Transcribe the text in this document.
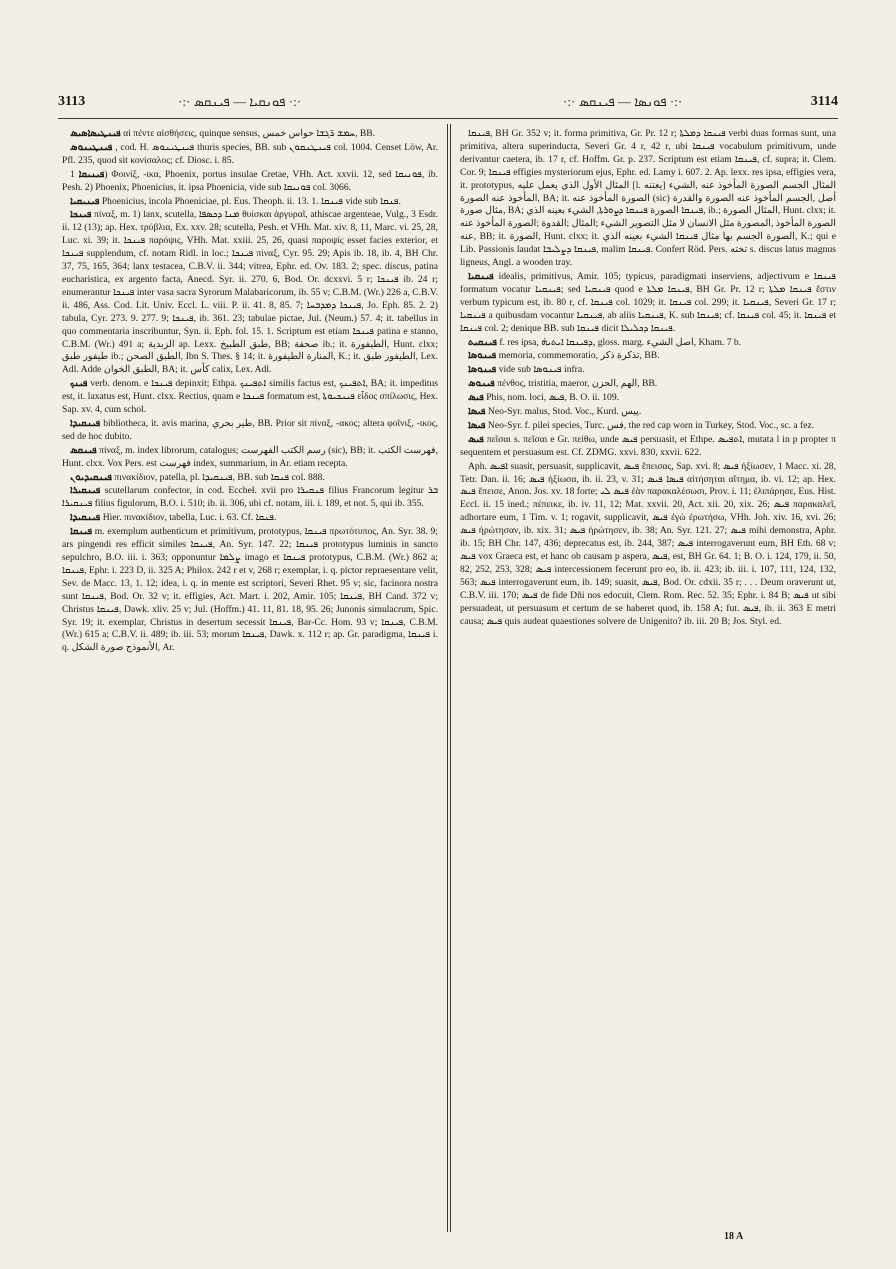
3113	·:· ܦܘܢܩܝܐ — ܦܝܢܩܣ ·:·	·:· ܦܘܢܣܐ — ܦܝܢܩܣ ·:·	3114

ܦܝܢܛܝܣܐܣܝܣ αἱ πέντε αἰσθήσεις, quinque sensus, ܚܡܫ ܪ̈ܓܫܐ ‏حواس خمس‎, BB.

ܦܝܢܛܝܢܘܣ , cod. H. ܦܝܢܛܝܢܘܣ thuris species, BB. sub ܦܝܢܛܢܩܘܢ col. 1004. Censet Löw, Ar. Pfl. 235, quod sit κονίσαλος; cf. Diosc. i. 85.

ܦܝܢܝܩܐ 1) Φοινίξ, -ικα, Phoenix, portus insulae Cretae, VHh. Act. xxvii. 12, sed ܦܘܢܝܩܐ, ib. Pesh. 2) Phoenix, Phoenicius, it. ipsa Phoenicia, vide sub ܦܘܢܝܩܐ col. 3066.

ܦܝܢܝܩܝܐ Phoenicius, incola Phoeniciae, pl. Eus. Theoph. ii. 13. 1. ܦܝܢܩܐ vide sub ܦܢܩܐ.

ܦܝܢܟܐ πίναξ, m. 1) lanx, scutella, ܡܢܐ ܕܟܣܦܐ θυίσκαι ἀργυραῖ, athiscae argenteae, Vulg., 3 Esdr. ii. 12 (13); ap. Hex. τρύβλια, Ex. xxv. 28; scutella, Pesh. et VHh. Mat. xiv. 8, 11, Marc. vi. 25, 28, Luc. xi. 39; it. ܦܝܢܟܐ παρόψις, VHh. Mat. xxiii. 25, 26, quasi παροψίς esset facies exterior, et ܦܝܢܟܐ supplendum, cf. notam Ridl. in loc.; ܦܝܢܟܐ πίναξ, Cyr. 95. 29; Apis ib. 18, ib. 4, BH Chr. 37, 75, 165, 364; lanx testacea, C.B.V. ii. 344; vitrea, Ephr. ed. Ov. 183. 2; spec. discus, patina eucharistica, ex argento facta, Anecd. Syr. ii. 270. 6, Bod. Or. dcxxvi. 5 r; ܦܝܢܟܐ ib. 24 r; enumerantur ܦܝܢܟܐ inter vasa sacra Syrorum Malabaricorum, ib. 55 v; C.B.M. (Wr.) 226 a, C.B.V. ii. 486, Ass. Cod. Lit. Univ. Eccl. L. viii. P. ii. 41. 8, 85. 7; ܦܝܢܟܐ ܕܡܕܒܚܐ, Jo. Eph. 85. 2. 2) tabula, Cyr. 273. 9. 277. 9; ܦܝܢܟܐ, ib. 361. 23; tabulae pictae, Jul. (Neum.) 57. 4; it. tabellus in quo commentaria inscribuntur, Syn. ii. Eph. fol. 15. 1. Scriptum est etiam ܦܝܢܟܐ patina e stanno, C.B.M. (Wr.) 491 a; ‏الزبدية‎ ap. Lexx. ‏طبق الطبيخ‎, BB; ‏صحفة‎ ib.; it. ‏الطيفورة‎, Hunt. clxx; ‏طيفور طبق‎ ib.; ‏الطبق الصحن‎, Ibn S. Thes. § 14; it. ‏المنارة الطيفورة‎, K.; it. ‏الطيفور طبق‎, Lex. Adl. Adde ‏الطبق الخوان‎, BA; it. ‏كأس calix‎, Lex. Adl.

ܦܝܢܟ verb. denom. e ܦܝܢܟܐ depinxit; Ethpa. ܐܬܦܝܢܟ similis factus est, ܐܬܦܝܢܟ, BA; it. impeditus est, it. laxatus est, Hunt. clxx. Rectius, quam e ܦܝܢܟܐ formatum est, ܦܝܢܟܝܘܬܐ εἶδος σπίλωσις, Hex. Sap. xv. 4, cum schol.

ܦܝܢܩܝܕܐ bibliotheca, it. avis marina, ‏طير بحري‎, BB. Prior sit πίναξ, -ακος; altera φοῖνιξ, -ικος, sed de hoc dubito.

ܦܝܢܩܣ πίναξ, m. index librorum, catalogus; ‏رسم الكتب الفهرست‎ (sic), BB; it. ‏فهرست الكتب‎, Hunt. clxx. Vox Pers. est ‏فهرست‎ index, summarium, in Ar. etiam recepta.

ܦܝܢܩܝܕܝܘܢ πινακίδιον, patella, pl. ܦܝܢܩܝܕܐ, BB. sub ܦܢܩܐ col. 888.

ܦܝܢܩܝܪܐ scutellarum confector, in cod. Eccheł. xvii pro ܦܢܩܝܪܐ filius Francorum legitur ܒܪ ܦܝܢܩܝܪܐ filius figulorum, B.O. i. 510; ib. ii. 306, ubi cf. notam, iii. i. 189, et not. 5, qui ib. 355.

ܦܝܢܩܝܕܐ Hier. πινακίδιον, tabella, Luc. i. 63. Cf. ܦܢܩܐ.

ܦܝܢܩܐ m. exemplum authenticum et primitivum, prototypus, ܦܝܢܩܐ πρωτότυπος, An. Syr. 38. 9; ars pingendi res efficit similes ܦܝܢܩܐ, An. Syr. 147. 22; ܦܝܢܩܐ prototypus luminis in sancto sepulchro, B.O. iii. i. 363; opponuntur ܨܠܡܐ imago et ܦܝܢܩܐ prototypus, C.B.M. (Wr.) 862 a; ܦܝܢܩܐ, Ephr. i. 223 D, ii. 325 A; Philox. 242 r et v, 268 r; exemplar, i. q. pictor repraesentare velit, Sev. de Macc. 13, 1. 12; idea, i. q. in mente est scriptori, Severi Rhet. 95 v; sic, facinora nostra sunt ܦܝܢܩܐ, Bod. Or. 32 v; it. effigies, Act. Mart. i. 202, Amir. 105; ܦܝܢܩܐ, BH Cand. 372 v; Christus ܦܝܢܩܐ, Dawk. xliv. 25 v; Jul. (Hoffm.) 41. 11, 81. 18, 95. 26; Junonis simulacrum, Spic. Syr. 19; it. exemplar, Christus in desertum secessit ܦܝܢܩܐ, Bar-Cc. Hom. 93 v; ܦܝܢܩܐ, C.B.M. (Wr.) 615 a; C.B.V. ii. 489; ib. iii. 53; morum ܦܝܢܩܐ, Dawk. x. 112 r; ap. Gr. paradigma, ܦܝܢܩܐ i. q. ‏الأنموذج صورة الشكل‎, Ar.

ܦܝܢܩܐ, BH Gr. 352 v; it. forma primitiva, Gr. Pr. 12 r; ܦܝܢܩܐ ܕܡܠܬܐ verbi duas formas sunt, una primitiva, altera superinducta, Severi Gr. 4 r, 42 r, ubi ܦܝܢܩܐ vocabulum primitivum, unde derivantur caetera, ib. 17 r, cf. Hoffm. Gr. p. 237. Scriptum est etiam ܦܝܢܩܐ, cf. supra; it. Clem. Cor. 9; ܦܝܢܩܐ effigies mysteriorum ejus, Ephr. ed. Lamy i. 607. 2. Ap. lexx. res ipsa, effigies vera, it. prototypus, ‏المثال الأول الذي يعمل عليه‎ [l. ‏يعتنه‎] ‏الشيء‎, ‏الصورة المأخوذ عنه‎ ‏المثال الجسم المأخوذ عنه الصورة‎, BA; it. ‏الصورة المأخوذ عنه‎ (sic) ‏الجسم المأخوذ عنه الصورة والقدرة‎, ‏أصل مثال صورة‎, BA; ܦܝܢܩܐ ܕܨܘܪܬܐ, ‏الشيء بعينه الذي‎ ܦܝܢܩܐ ‏الصورة‎, ib.; ‏المثال الصورة‎, Hunt. clxx; it. ‏الصورة المأخوذ عنه‎; ‏القدوة‎; ‏المثال‎; ‏الشيء‎ ‏المصورة مثل الانسان لا مثل التصوير‎, ‏الصورة المأخوذ عنه‎, BB; it. ‏الصورة‎, Hunt. clxx; it. ܦܝܢܩܐ ‏الشيء بعينه الذي‎ ‏الصورة الجسم بها مثال‎, K.; qui e Lib. Passionis laudat ܦܝܢܩܐ ܕܨܠܝܒܐ, malim ܦܝܢܩܐ. Confert Röd. Pers. ‏تخته‎ s. discus latus magnus ligneus, Angl. a wooden tray.

ܦܝܢܩܝܐ idealis, primitivus, Amir. 105; typicus, paradigmati inserviens, adjectivum e ܦܝܢܩܐ formatum vocatur ܦܝܢܩܝܐ; sed ܦܝܢܩܝܐ quod e ܦܝܢܩܐ ܡܠܬܐ, BH Gr. Pr. 12 r; ܦܝܢܩܐ ܡܠܬܐ ἔστιν verbum typicum est, ib. 80 r, cf. ܦܝܢܩܐ col. 1029; it. ܦܝܢܩܐ col. 299; it. ܦܝܢܩܝܐ, Severi Gr. 17 r; ܦܝܢܩܝܐ a quibusdam vocantur ܦܝܢܩܝܐ, ab aliis ܦܝܢܩܝܐ, K. sub ܦܝܢܩܐ; cf. ܦܝܢܩܐ col. 45; it. ܦܝܢܩܐ et ܦܝܢܩܐ col. 2; denique BB. sub ܦܝܢܩܐ dicit ܦܝܢܩܐ ܕܟܠܝܠܐ.

ܦܝܢܩܝܬ f. res ipsa, ܕܦܝܢܩܐ ܐܝܬܝܗ̇, gloss. marg. ‏اصل الشيء‎, Kham. 7 b.

ܦܝܢܘܣܐ memoria, commemoratio, ‏تذكرة ذكر‎, BB.

ܦܝܢܘܣܐ vide sub ܦܝܢܘܣܐ infra.

ܦܝܢܘܣ πένθος, tristitia, maeror, ‏الحزن‎, ‏الهم‎, BB.

ܦܝܣ Phis, nom. loci, ܦܝܣ, B. O. ii. 109.

ܦܝܣܐ Neo-Syr. malus, Stod. Voc., Kurd. ‏پیس‎.

ܦܝܣܐ Neo-Syr. f. pilei species, Turc. ‏فس‎, the red cap worn in Turkey, Stod. Voc., sc. a fez.

ܦܝܣ πεῖσαι s. πεῖσαι e Gr. πείθω, unde ܦܝܣ persuasit, et Ethpe. ܐܬܦܝܣ, mutata l in p propter π sequentem et persuasum est. Cf. ZDMG. xxvi. 830, xxvii. 622.

Aph. ܐܦܝܣ suasit, persuasit, supplicavit, ܦܝܣ ἔπεισας, Sap. xvi. 8; ܦܝܣ ἠξίωσεν, 1 Macc. xi. 28, Tetr. Dan. ii. 16; ܦܝܣ ἠξίωσα, ib. ii. 23, v. 31; ܦܝܣܐ ܦܝܣ αἰτήσηται αἴτημα, ib. vi. 12; ap. Hex. ܦܝܣ ἔπεισε, Anon. Jos. xv. 18 forte; ܦܝܣ ܠܝ ἐὰν παρακαλέσωσι, Prov. i. 11; ἐλιπάρησε, Eus. Hist. Eccl. ii. 15 ined.; πέπεικε, ib. iv. 11, 12; Mat. xxvii. 20, Act. xii. 20, xix. 26; ܦܝܣ παρακαλεῖ, adhortare eum, 1 Tim. v. 1; rogavit, supplicavit, ܦܝܣ ἐγὼ ἐρωτήσω, VHh. Joh. xiv. 16, xvi. 26; ܦܝܣ ἠρώτησαν, ib. xix. 31; ܦܝܣ ἠρώτησεν, ib. 38; An. Syr. 121. 27; ܦܝܣ mihi demonstra, Aphr. ib. 15; BH Chr. 147, 436; deprecatus est, ib. 244, 387; ܦܝܣ interrogaverunt eum, BH Eth. 68 v; ܦܝܣ vox Graeca est, et hanc ob causam p aspera, ܦܝܣ, est, BH Gr. 64. 1; B. O. i. 124, 179, ii. 50, 82, 252, 253, 328; ܦܝܣ intercessionem fecerunt pro eo, ib. ii. 423; ib. iii. i. 107, 111, 124, 132, 563; ܦܝܣ interrogaverunt eum, ib. 149; suasit, ܦܝܣ, Bod. Or. cdxii. 35 r; . . . Deum oraverunt ut, C.B.V. iii. 170; ܦܝܣ de fide Dñi nos edocuit, Clem. Rom. Rec. 52. 35; Ephr. i. 84 B; ܦܝܣ ut sibi persuadeat, ut persuasum et certum de se haberet quod, ib. 158 A; fut. ܦܝܣ, ib. ii. 363 E metri causa; ܦܝܣ quis audeat quaestiones solvere de Unigenito? ib. iii. 20 B; Jos. Styl. ed.

18 A
